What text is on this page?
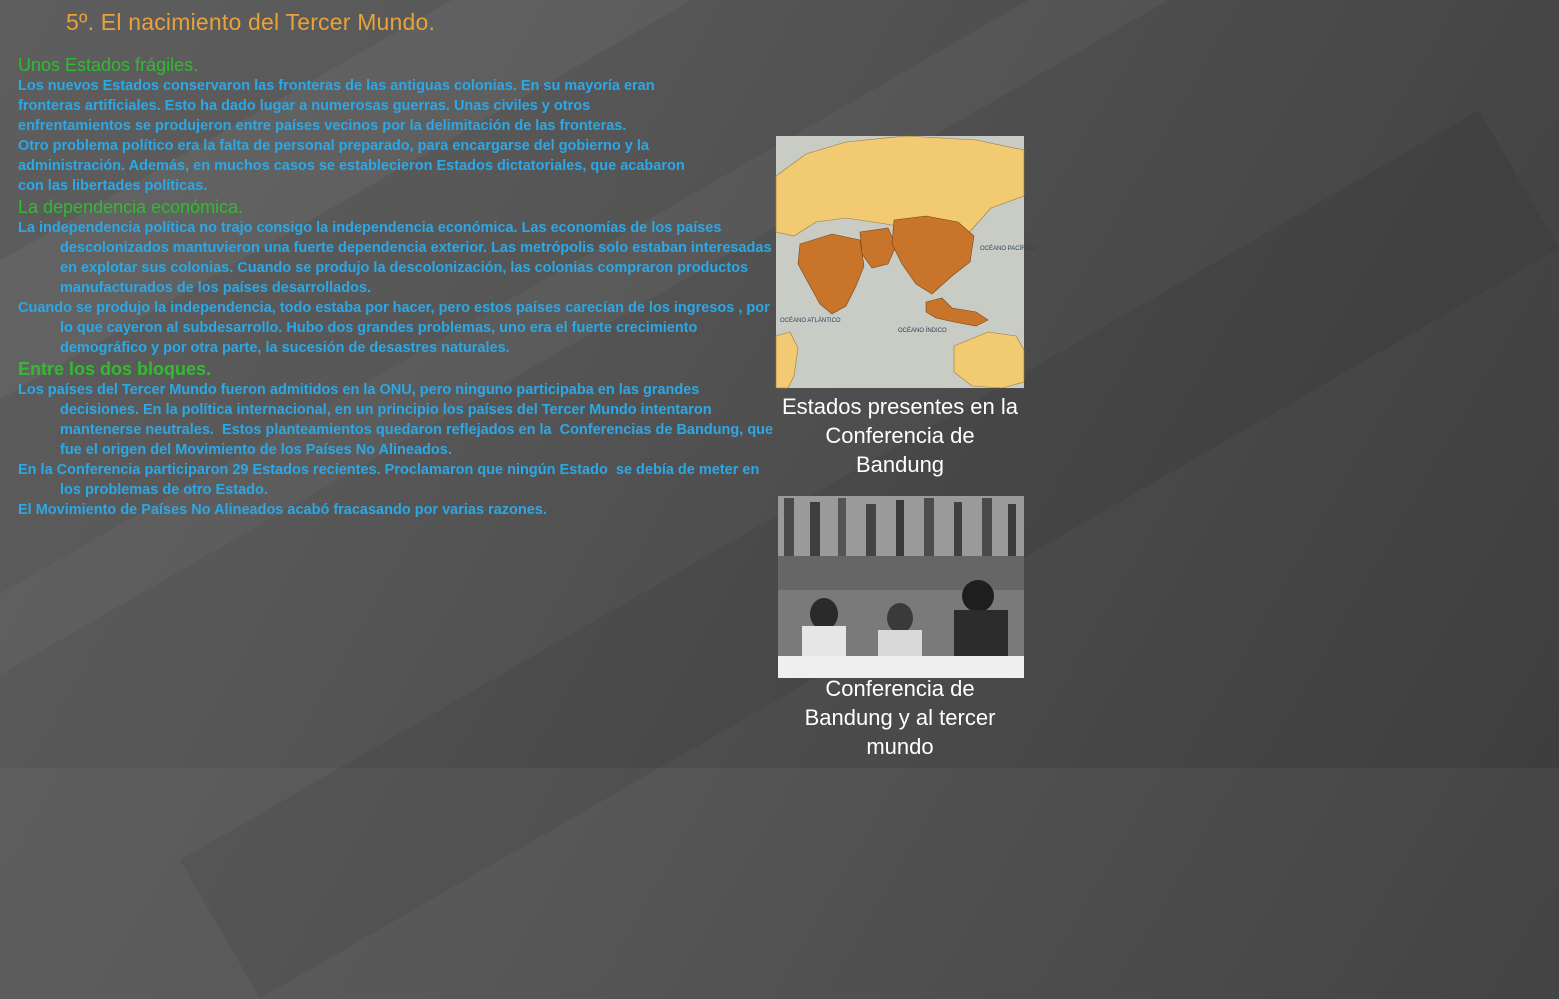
5º. El nacimiento del Tercer Mundo.
Unos Estados frágiles.

Los nuevos Estados conservaron las fronteras de las antiguas colonias. En su mayoría eran

fronteras artificiales. Esto ha dado lugar a numerosas guerras. Unas civiles y otros

enfrentamientos se produjeron entre países vecinos por la delimitación de las fronteras.

Otro problema político era la falta de personal preparado, para encargarse del gobierno y la

administración. Además, en muchos casos se establecieron Estados dictatoriales, que acabaron

con las libertades políticas.

La dependencia económica.

La independencia política no trajo consigo la independencia económica. Las economías de los países descolonizados mantuvieron una fuerte dependencia exterior. Las metrópolis solo estaban interesadas en explotar sus colonias. Cuando se produjo la descolonización, las colonias compraron productos manufacturados de los países desarrollados.

Cuando se produjo la independencia, todo estaba por hacer, pero estos países carecían de los ingresos , por lo que cayeron al subdesarrollo. Hubo dos grandes problemas, uno era el fuerte crecimiento demográfico y por otra parte, la sucesión de desastres naturales.

Entre los dos bloques.

Los países del Tercer Mundo fueron admitidos en la ONU, pero ninguno participaba en las grandes decisiones. En la política internacional, en un principio los países del Tercer Mundo intentaron mantenerse neutrales.  Estos planteamientos quedaron reflejados en la  Conferencias de Bandung, que fue el origen del Movimiento de los Países No Alineados.

En la Conferencia participaron 29 Estados recientes. Proclamaron que ningún Estado  se debía de meter en los problemas de otro Estado.

El Movimiento de Países No Alineados acabó fracasando por varias razones.

OCÉANO PACÍFICO
OCÉANO ATLÁNTICO
OCÉANO ÍNDICO
Estados presentes en la Conferencia de Bandung
Conferencia de Bandung y al tercer mundo
